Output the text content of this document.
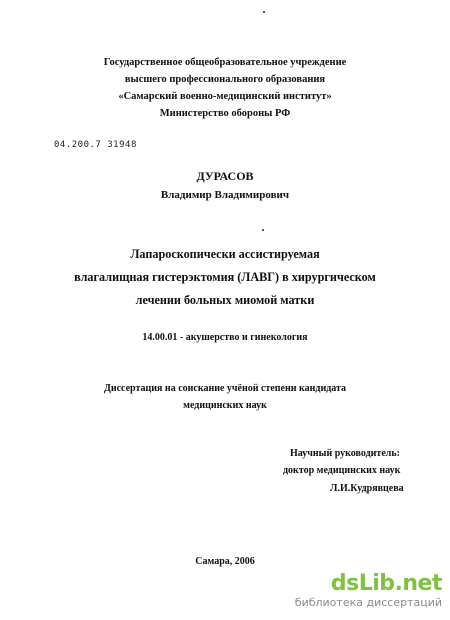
Государственное общеобразовательное учреждение
высшего профессионального образования
«Самарский военно-медицинский институт»
Министерство обороны РФ
04.200.7 31948
ДУРАСОВ
Владимир Владимирович
Лапароскопически ассистируемая
влагалищная гистерэктомия (ЛАВГ) в хирургическом
лечении больных миомой матки
14.00.01 - акушерство и гинекология
Диссертация на соискание учёной степени кандидата
медицинских наук
Научный руководитель:
доктор медицинских наук
Л.И.Кудрявцева
Самара, 2006
dsLib.net
библиотека диссертаций
